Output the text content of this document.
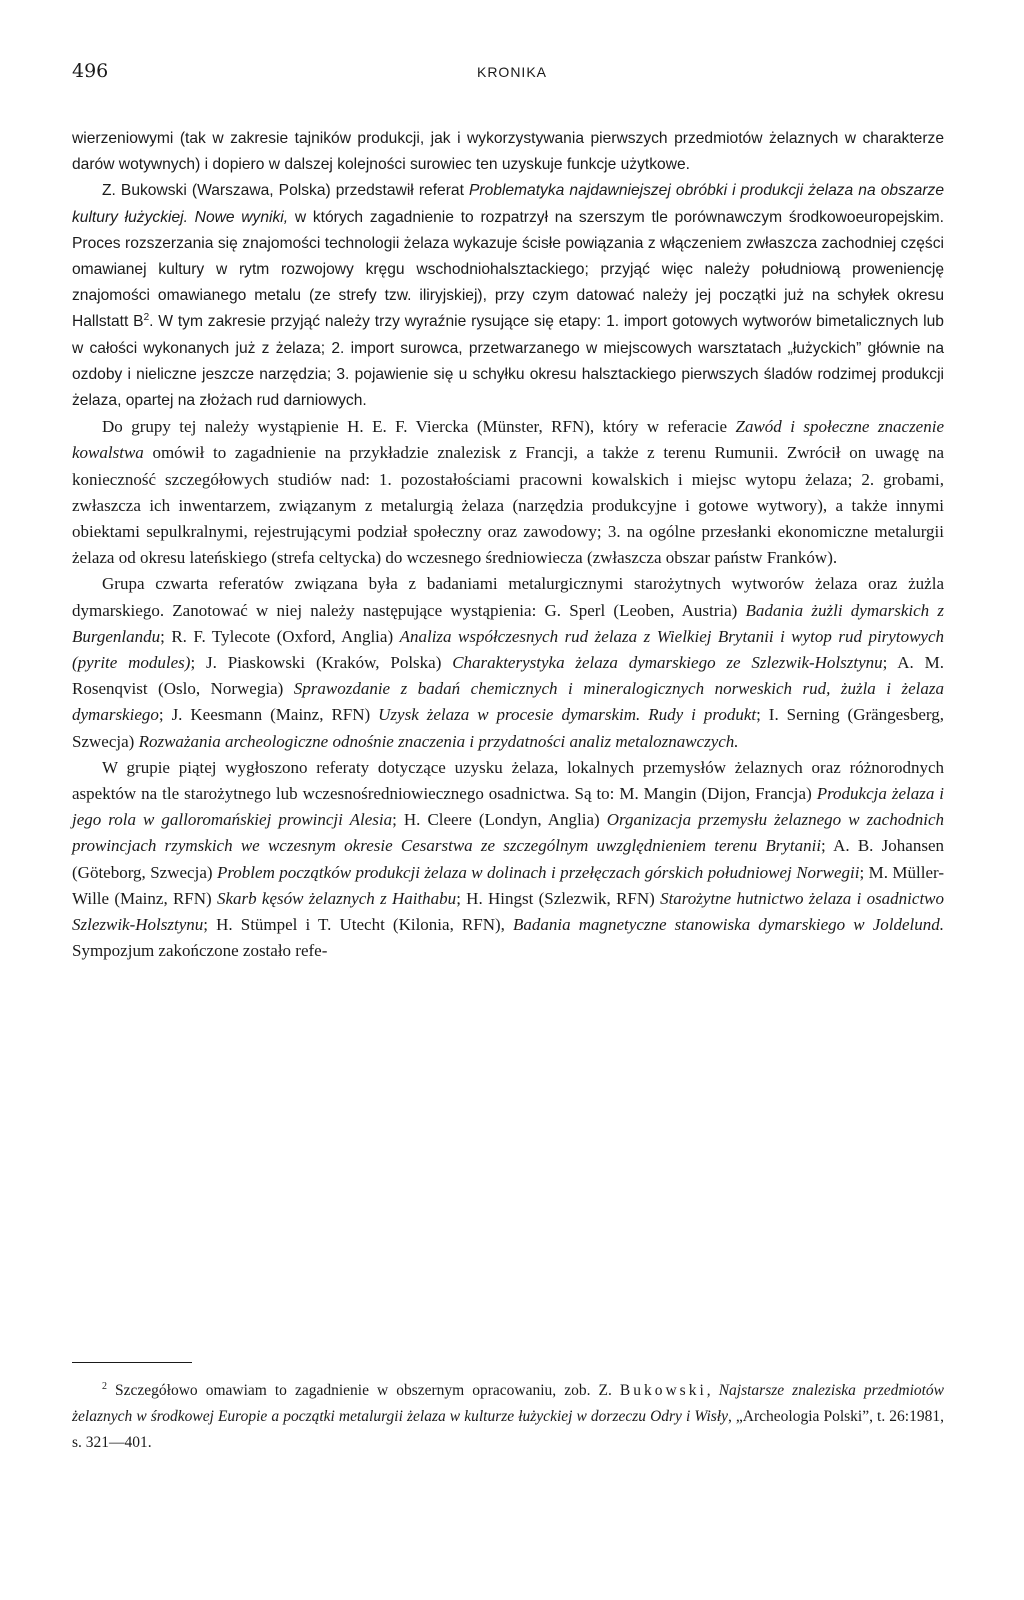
496	KRONIKA

wierzeniowymi (tak w zakresie tajników produkcji, jak i wykorzystywania pierwszych przedmiotów żelaznych w charakterze darów wotywnych) i dopiero w dalszej kolejności surowiec ten uzyskuje funkcje użytkowe.

Z. Bukowski (Warszawa, Polska) przedstawił referat Problematyka najdawniejszej obróbki i produkcji żelaza na obszarze kultury łużyckiej. Nowe wyniki, w których zagadnienie to rozpatrzył na szerszym tle porównawczym środkowoeuropejskim. Proces rozszerzania się znajomości technologii żelaza wykazuje ścisłe powiązania z włączeniem zwłaszcza zachodniej części omawianej kultury w rytm rozwojowy kręgu wschodniohalsztackiego; przyjąć więc należy południową proweniencję znajomości omawianego metalu (ze strefy tzw. iliryjskiej), przy czym datować należy jej początki już na schyłek okresu Hallstatt $B^2$. W tym zakresie przyjąć należy trzy wyraźnie rysujące się etapy: 1. import gotowych wytworów bimetalicznych lub w całości wykonanych już z żelaza; 2. import surowca, przetwarzanego w miejscowych warsztatach „łużyckich” głównie na ozdoby i nieliczne jeszcze narzędzia; 3. pojawienie się u schyłku okresu halsztackiego pierwszych śladów rodzimej produkcji żelaza, opartej na złożach rud darniowych.

Do grupy tej należy wystąpienie H. E. F. Viercka (Münster, RFN), który w referacie Zawód i społeczne znaczenie kowalstwa omówił to zagadnienie na przykładzie znalezisk z Francji, a także z terenu Rumunii. Zwrócił on uwagę na konieczność szczegółowych studiów nad: 1. pozostałościami pracowni kowalskich i miejsc wytopu żelaza; 2. grobami, zwłaszcza ich inwentarzem, związanym z metalurgią żelaza (narzędzia produkcyjne i gotowe wytwory), a także innymi obiektami sepulkralnymi, rejestrującymi podział społeczny oraz zawodowy; 3. na ogólne przesłanki ekonomiczne metalurgii żelaza od okresu lateńskiego (strefa celtycka) do wczesnego średniowiecza (zwłaszcza obszar państw Franków).

Grupa czwarta referatów związana była z badaniami metalurgicznymi starożytnych wytworów żelaza oraz żużla dymarskiego. Zanotować w niej należy następujące wystąpienia: G. Sperl (Leoben, Austria) Badania żużli dymarskich z Burgenlandu; R. F. Tylecote (Oxford, Anglia) Analiza współczesnych rud żelaza z Wielkiej Brytanii i wytop rud pirytowych (pyrite modules); J. Piaskowski (Kraków, Polska) Charakterystyka żelaza dymarskiego ze Szlezwik-Holsztynu; A. M. Rosenqvist (Oslo, Norwegia) Sprawozdanie z badań chemicznych i mineralogicznych norweskich rud, żużla i żelaza dymarskiego; J. Keesmann (Mainz, RFN) Uzysk żelaza w procesie dymarskim. Rudy i produkt; I. Serning (Grängesberg, Szwecja) Rozważania archeologiczne odnośnie znaczenia i przydatności analiz metaloznawczych.

W grupie piątej wygłoszono referaty dotyczące uzysku żelaza, lokalnych przemysłów żelaznych oraz różnorodnych aspektów na tle starożytnego lub wczesnośredniowiecznego osadnictwa. Są to: M. Mangin (Dijon, Francja) Produkcja żelaza i jego rola w galloromańskiej prowincji Alesia; H. Cleere (Londyn, Anglia) Organizacja przemysłu żelaznego w zachodnich prowincjach rzymskich we wczesnym okresie Cesarstwa ze szczególnym uwzględnieniem terenu Brytanii; A. B. Johansen (Göteborg, Szwecja) Problem początków produkcji żelaza w dolinach i przełęczach górskich południowej Norwegii; M. Müller-Wille (Mainz, RFN) Skarb kęsów żelaznych z Haithabu; H. Hingst (Szlezwik, RFN) Starożytne hutnictwo żelaza i osadnictwo Szlezwik-Holsztynu; H. Stümpel i T. Utecht (Kilonia, RFN), Badania magnetyczne stanowiska dymarskiego w Joldelund. Sympozjum zakończone zostało refe-

$^2$ Szczegółowo omawiam to zagadnienie w obszernym opracowaniu, zob. Z. Bukowski, Najstarsze znaleziska przedmiotów żelaznych w środkowej Europie a początki metalurgii żelaza w kulturze łużyckiej w dorzeczu Odry i Wisły, „Archeologia Polski”, t. 26:1981, s. 321—401.
